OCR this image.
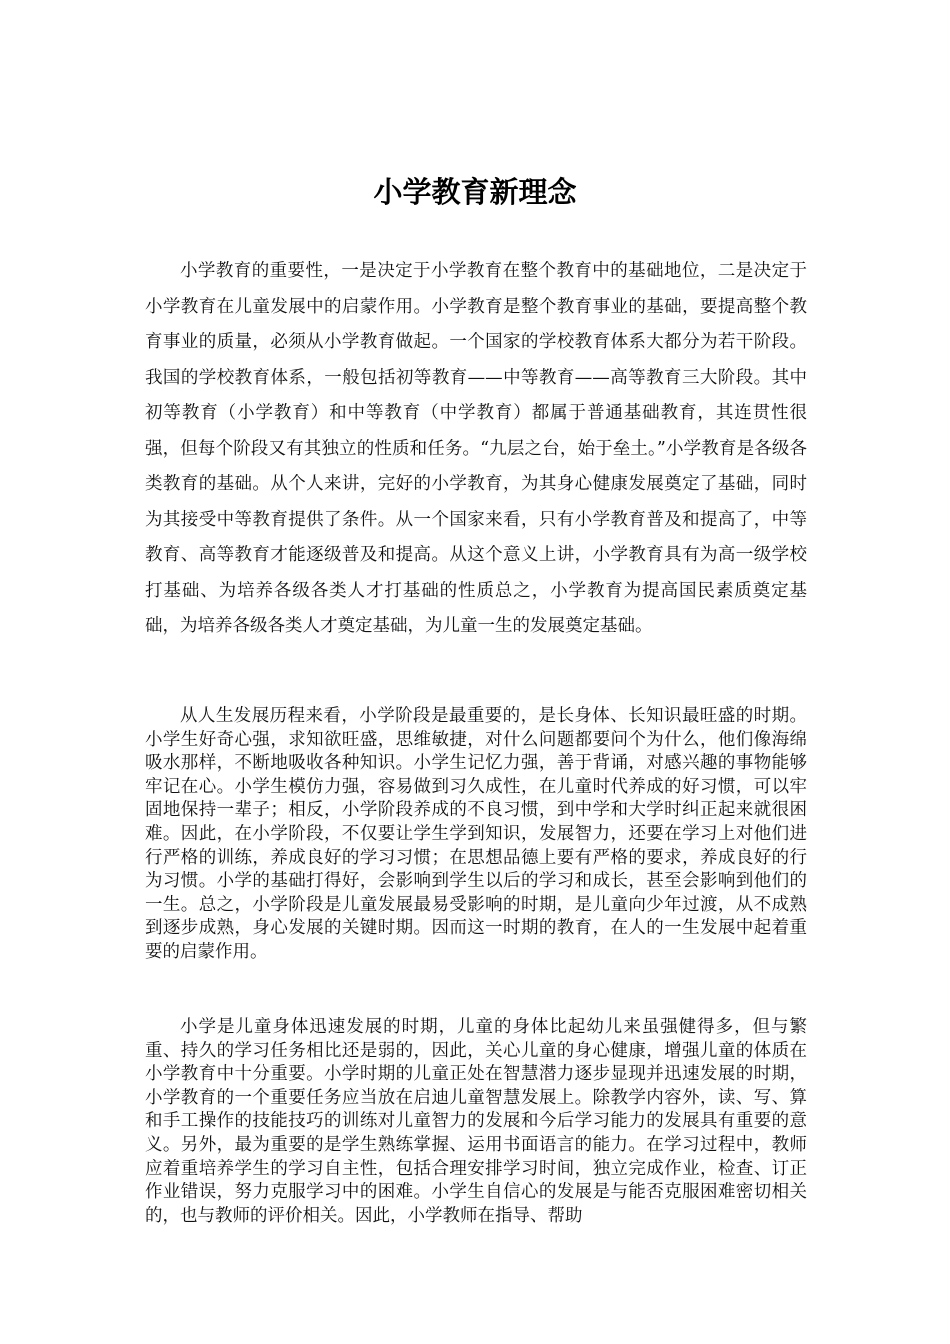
小学教育新理念

小学教育的重要性，一是决定于小学教育在整个教育中的基础地位，二是决定于小学教育在儿童发展中的启蒙作用。小学教育是整个教育事业的基础，要提高整个教育事业的质量，必须从小学教育做起。一个国家的学校教育体系大都分为若干阶段。我国的学校教育体系，一般包括初等教育——中等教育——高等教育三大阶段。其中初等教育（小学教育）和中等教育（中学教育）都属于普通基础教育，其连贯性很强，但每个阶段又有其独立的性质和任务。“九层之台，始于垒土。”小学教育是各级各类教育的基础。从个人来讲，完好的小学教育，为其身心健康发展奠定了基础，同时为其接受中等教育提供了条件。从一个国家来看，只有小学教育普及和提高了，中等教育、高等教育才能逐级普及和提高。从这个意义上讲，小学教育具有为高一级学校打基础、为培养各级各类人才打基础的性质总之，小学教育为提高国民素质奠定基础，为培养各级各类人才奠定基础，为儿童一生的发展奠定基础。

从人生发展历程来看，小学阶段是最重要的，是长身体、长知识最旺盛的时期。小学生好奇心强，求知欲旺盛，思维敏捷，对什么问题都要问个为什么，他们像海绵吸水那样，不断地吸收各种知识。小学生记忆力强，善于背诵，对感兴趣的事物能够牢记在心。小学生模仿力强，容易做到习久成性，在儿童时代养成的好习惯，可以牢固地保持一辈子；相反，小学阶段养成的不良习惯，到中学和大学时纠正起来就很困难。因此，在小学阶段，不仅要让学生学到知识，发展智力，还要在学习上对他们进行严格的训练，养成良好的学习习惯；在思想品德上要有严格的要求，养成良好的行为习惯。小学的基础打得好，会影响到学生以后的学习和成长，甚至会影响到他们的一生。总之，小学阶段是儿童发展最易受影响的时期，是儿童向少年过渡，从不成熟到逐步成熟，身心发展的关键时期。因而这一时期的教育，在人的一生发展中起着重要的启蒙作用。

小学是儿童身体迅速发展的时期，儿童的身体比起幼儿来虽强健得多，但与繁重、持久的学习任务相比还是弱的，因此，关心儿童的身心健康，增强儿童的体质在小学教育中十分重要。小学时期的儿童正处在智慧潜力逐步显现并迅速发展的时期，小学教育的一个重要任务应当放在启迪儿童智慧发展上。除教学内容外，读、写、算和手工操作的技能技巧的训练对儿童智力的发展和今后学习能力的发展具有重要的意义。另外，最为重要的是学生熟练掌握、运用书面语言的能力。在学习过程中，教师应着重培养学生的学习自主性，包括合理安排学习时间，独立完成作业，检查、订正作业错误，努力克服学习中的困难。小学生自信心的发展是与能否克服困难密切相关的，也与教师的评价相关。因此，小学教师在指导、帮助
